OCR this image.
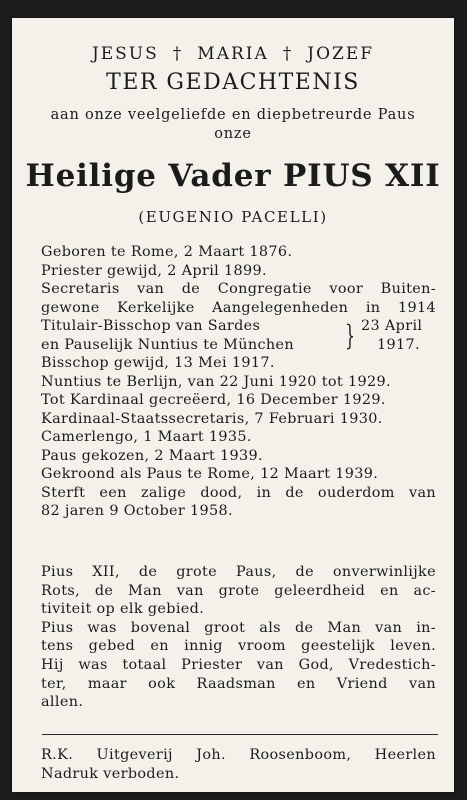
JESUS † MARIA † JOZEF
TER GEDACHTENIS
aan onze veelgeliefde en diepbetreurde Paus
onze
Heilige Vader PIUS XII
(EUGENIO PACELLI)
Geboren te Rome, 2 Maart 1876.
Priester gewijd, 2 April 1899.
Secretaris van de Congregatie voor Buiten-
gewone Kerkelijke Aangelegenheden in 1914
Titulair-Bisschop van Sardes
en Pauselijk Nuntius te München } 23 April
1917.
Bisschop gewijd, 13 Mei 1917.
Nuntius te Berlijn, van 22 Juni 1920 tot 1929.
Tot Kardinaal gecreëerd, 16 December 1929.
Kardinaal-Staatssecretaris, 7 Februari 1930.
Camerlengo, 1 Maart 1935.
Paus gekozen, 2 Maart 1939.
Gekroond als Paus te Rome, 12 Maart 1939.
Sterft een zalige dood, in de ouderdom van
82 jaren 9 October 1958.
Pius XII, de grote Paus, de onverwinlijke
Rots, de Man van grote geleerdheid en ac-
tiviteit op elk gebied.
Pius was bovenal groot als de Man van in-
tens gebed en innig vroom geestelijk leven.
Hij was totaal Priester van God, Vredestich-
ter, maar ook Raadsman en Vriend van
allen.
R.K. Uitgeverij Joh. Roosenboom, Heerlen
Nadruk verboden.
